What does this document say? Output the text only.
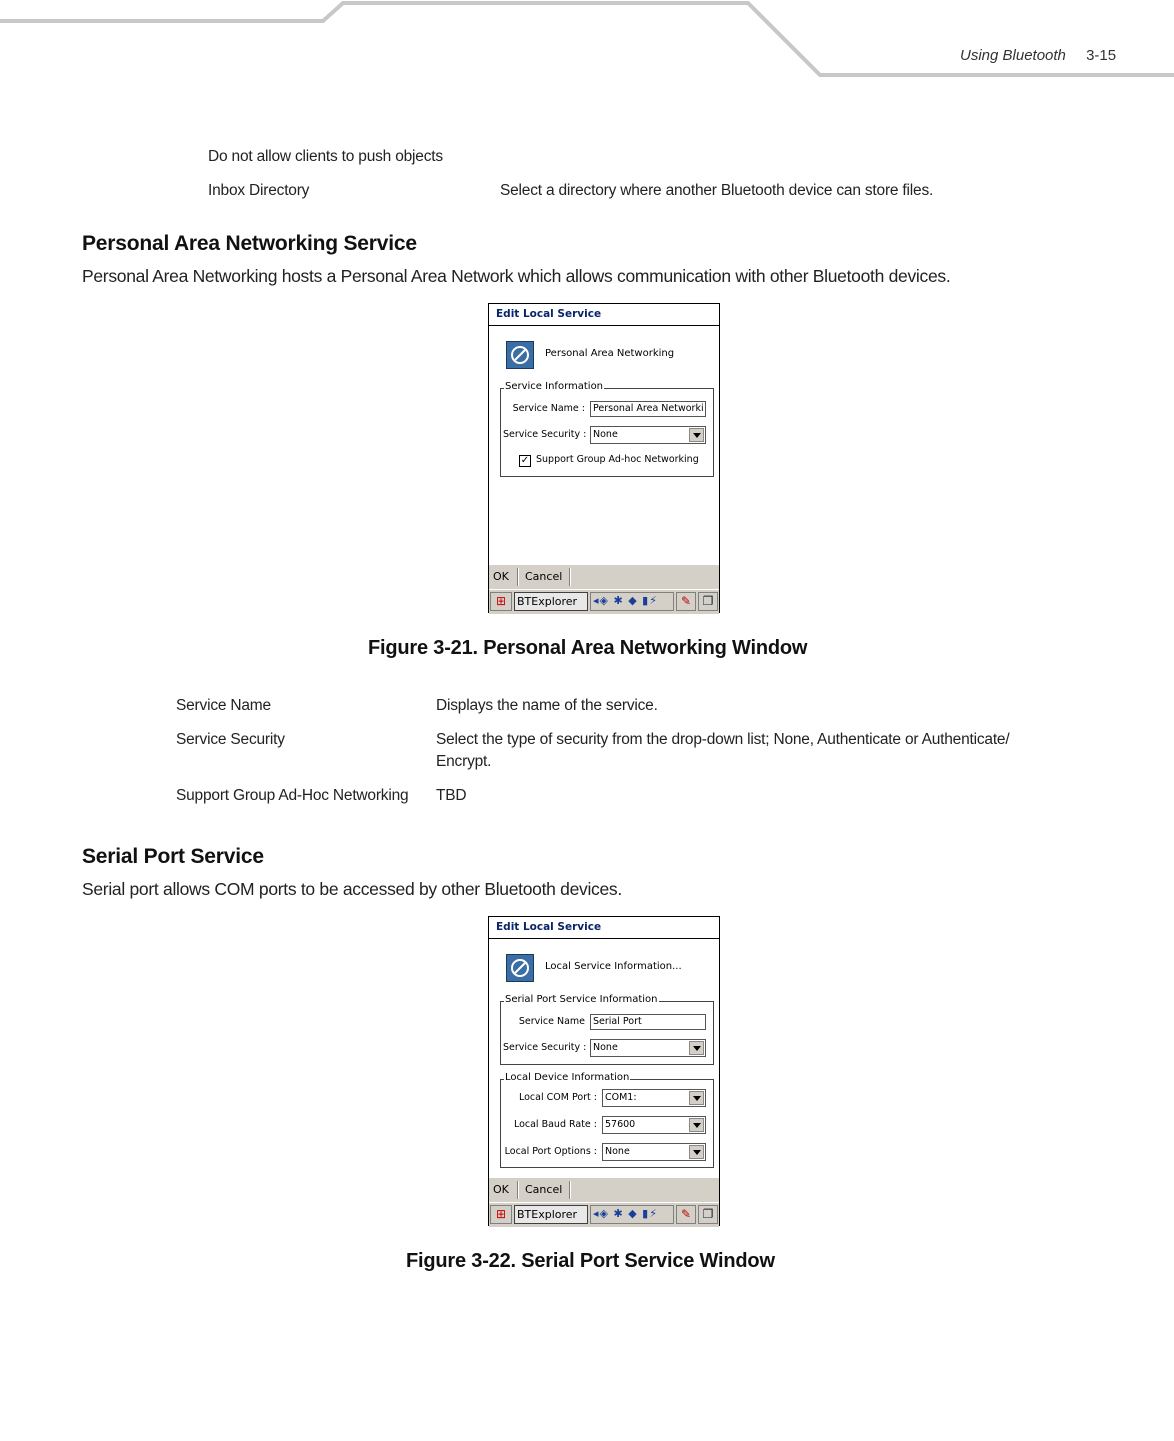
Using Bluetooth 3-15
Do not allow clients to push objects
Inbox Directory	Select a directory where another Bluetooth device can store files.
Personal Area Networking Service
Personal Area Networking hosts a Personal Area Network which allows communication with other Bluetooth devices.
Edit Local Service
Personal Area Networking
Service Information
Service Name : Personal Area Networki
Service Security : None
✓ Support Group Ad-hoc Networking
OK Cancel
⊞ BTExplorer	◂◈ ✱ ◆ ▮⚡	✎ ❐
Figure 3-21. Personal Area Networking Window
Service Name	Displays the name of the service.
Service Security	Select the type of security from the drop-down list; None, Authenticate or Authenticate/
Encrypt.
Support Group Ad-Hoc Networking TBD
Serial Port Service
Serial port allows COM ports to be accessed by other Bluetooth devices.
Edit Local Service
Local Service Information...
Serial Port Service Information
Service Name Serial Port
Service Security : None
Local Device Information
Local COM Port : COM1:
Local Baud Rate : 57600
Local Port Options : None
OK Cancel
⊞ BTExplorer	◂◈ ✱ ◆ ▮⚡	✎ ❐
Figure 3-22. Serial Port Service Window
